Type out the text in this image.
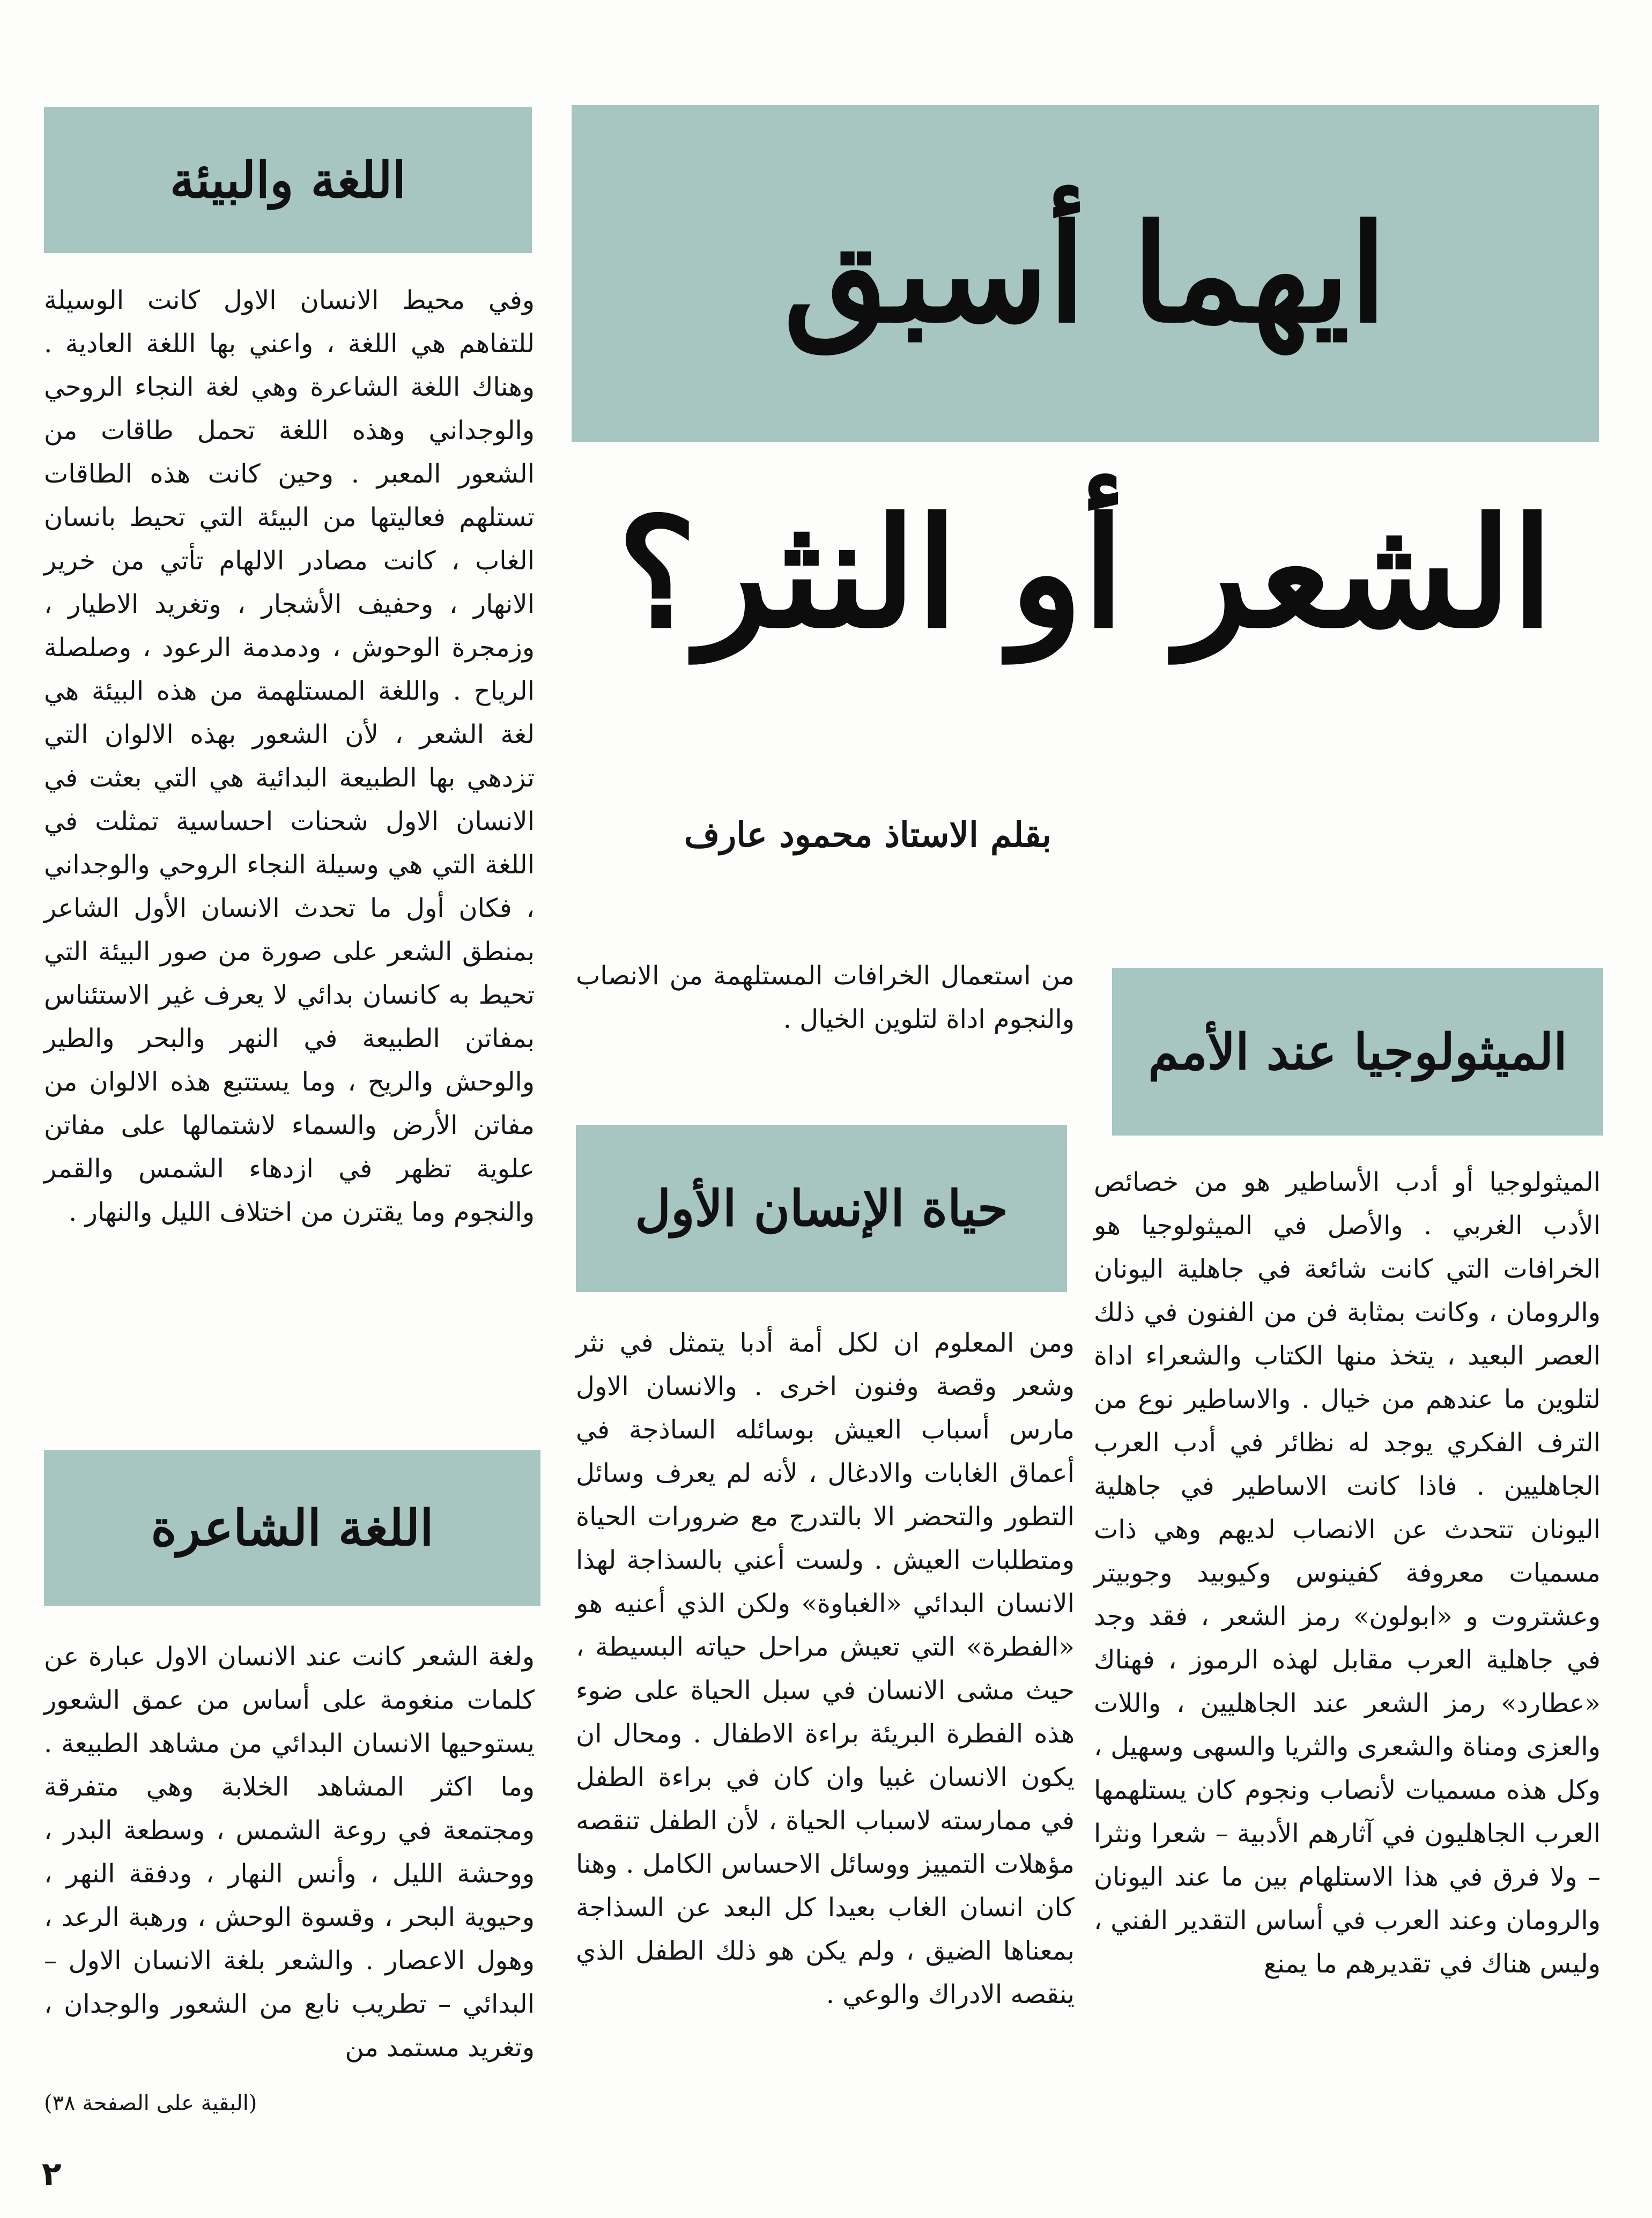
ايهما أسبق
الشعر أو النثر؟
بقلم الاستاذ محمود عارف
الميثولوجيا عند الأمم

الميثولوجيا أو أدب الأساطير هو من خصائص الأدب الغربي . والأصل في الميثولوجيا هو الخرافات التي كانت شائعة في جاهلية اليونان والرومان ، وكانت بمثابة فن من الفنون في ذلك العصر البعيد ، يتخذ منها الكتاب والشعراء اداة لتلوين ما عندهم من خيال . والاساطير نوع من الترف الفكري يوجد له نظائر في أدب العرب الجاهليين . فاذا كانت الاساطير في جاهلية اليونان تتحدث عن الانصاب لديهم وهي ذات مسميات معروفة كفينوس وكيوبيد وجوبيتر وعشتروت و «ابولون» رمز الشعر ، فقد وجد في جاهلية العرب مقابل لهذه الرموز ، فهناك «عطارد» رمز الشعر عند الجاهليين ، واللات والعزى ومناة والشعرى والثريا والسهى وسهيل ، وكل هذه مسميات لأنصاب ونجوم كان يستلهمها العرب الجاهليون في آثارهم الأدبية – شعرا ونثرا – ولا فرق في هذا الاستلهام بين ما عند اليونان والرومان وعند العرب في أساس التقدير الفني ، وليس هناك في تقديرهم ما يمنع

من استعمال الخرافات المستلهمة من الانصاب والنجوم اداة لتلوين الخيال .

حياة الإنسان الأول

ومن المعلوم ان لكل أمة أدبا يتمثل في نثر وشعر وقصة وفنون اخرى . والانسان الاول مارس أسباب العيش بوسائله الساذجة في أعماق الغابات والادغال ، لأنه لم يعرف وسائل التطور والتحضر الا بالتدرج مع ضرورات الحياة ومتطلبات العيش . ولست أعني بالسذاجة لهذا الانسان البدائي «الغباوة» ولكن الذي أعنيه هو «الفطرة» التي تعيش مراحل حياته البسيطة ، حيث مشى الانسان في سبل الحياة على ضوء هذه الفطرة البريئة براءة الاطفال . ومحال ان يكون الانسان غبيا وان كان في براءة الطفل في ممارسته لاسباب الحياة ، لأن الطفل تنقصه مؤهلات التمييز ووسائل الاحساس الكامل . وهنا كان انسان الغاب بعيدا كل البعد عن السذاجة بمعناها الضيق ، ولم يكن هو ذلك الطفل الذي ينقصه الادراك والوعي .

اللغة والبيئة

وفي محيط الانسان الاول كانت الوسيلة للتفاهم هي اللغة ، واعني بها اللغة العادية . وهناك اللغة الشاعرة وهي لغة النجاء الروحي والوجداني وهذه اللغة تحمل طاقات من الشعور المعبر . وحين كانت هذه الطاقات تستلهم فعاليتها من البيئة التي تحيط بانسان الغاب ، كانت مصادر الالهام تأتي من خرير الانهار ، وحفيف الأشجار ، وتغريد الاطيار ، وزمجرة الوحوش ، ودمدمة الرعود ، وصلصلة الرياح . واللغة المستلهمة من هذه البيئة هي لغة الشعر ، لأن الشعور بهذه الالوان التي تزدهي بها الطبيعة البدائية هي التي بعثت في الانسان الاول شحنات احساسية تمثلت في اللغة التي هي وسيلة النجاء الروحي والوجداني ، فكان أول ما تحدث الانسان الأول الشاعر بمنطق الشعر على صورة من صور البيئة التي تحيط به كانسان بدائي لا يعرف غير الاستئناس بمفاتن الطبيعة في النهر والبحر والطير والوحش والريح ، وما يستتبع هذه الالوان من مفاتن الأرض والسماء لاشتمالها على مفاتن علوية تظهر في ازدهاء الشمس والقمر والنجوم وما يقترن من اختلاف الليل والنهار .

اللغة الشاعرة

ولغة الشعر كانت عند الانسان الاول عبارة عن كلمات منغومة على أساس من عمق الشعور يستوحيها الانسان البدائي من مشاهد الطبيعة . وما اكثر المشاهد الخلابة وهي متفرقة ومجتمعة في روعة الشمس ، وسطعة البدر ، ووحشة الليل ، وأنس النهار ، ودفقة النهر ، وحيوية البحر ، وقسوة الوحش ، ورهبة الرعد ، وهول الاعصار . والشعر بلغة الانسان الاول – البدائي – تطريب نابع من الشعور والوجدان ، وتغريد مستمد من

(البقية على الصفحة ٣٨)
٢
